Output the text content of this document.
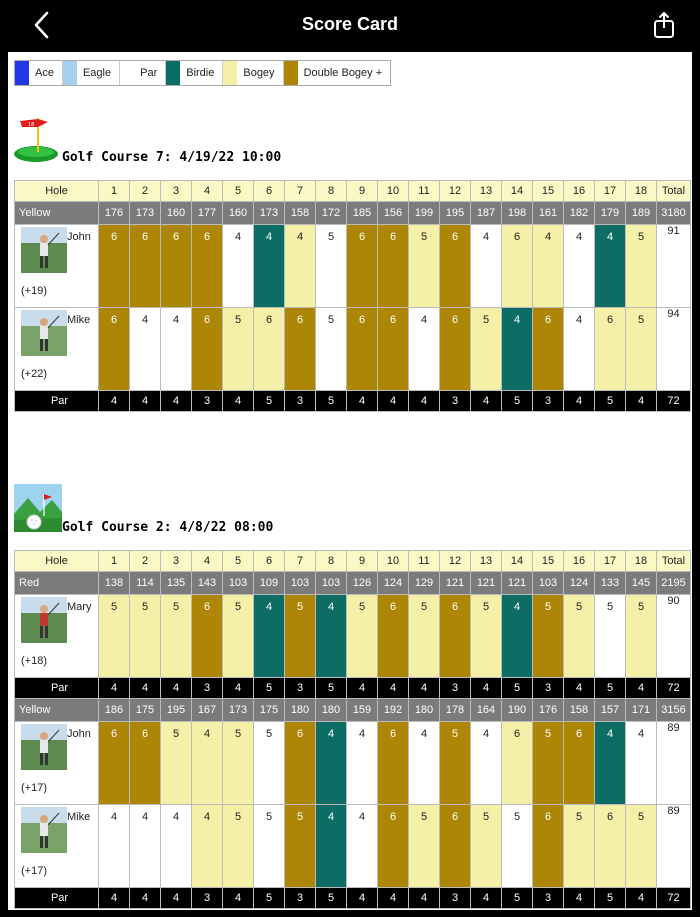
Score Card
Ace	Eagle	Par	Birdie	Bogey	Double Bogey +
18
Golf Course 7: 4/19/22 10:00
Hole	1	2	3	4	5	6	7	8	9	10	11	12	13	14	15	16	17	18	Total
Yellow	176	173	160	177	160	173	158	172	185	156	199	195	187	198	161	182	179	189	3180

John
(+19)	6	6	6	6	4	4	4	5	6	6	5	6	4	6	4	4	4	5	91

Mike
(+22)	6	4	4	6	5	6	6	5	6	6	4	6	5	4	6	4	6	5	94
Par	4	4	4	3	4	5	3	5	4	4	4	3	4	5	3	4	5	4	72
Golf Course 2: 4/8/22 08:00
Hole	1	2	3	4	5	6	7	8	9	10	11	12	13	14	15	16	17	18	Total
Red	138	114	135	143	103	109	103	103	126	124	129	121	121	121	103	124	133	145	2195

Mary
(+18)	5	5	5	6	5	4	5	4	5	6	5	6	5	4	5	5	5	5	90
Par	4	4	4	3	4	5	3	5	4	4	4	3	4	5	3	4	5	4	72
Yellow	186	175	195	167	173	175	180	180	159	192	180	178	164	190	176	158	157	171	3156

John
(+17)	6	6	5	4	5	5	6	4	4	6	4	5	4	6	5	6	4	4	89

Mike
(+17)	4	4	4	4	5	5	5	4	4	6	5	6	5	5	6	5	6	5	89
Par	4	4	4	3	4	5	3	5	4	4	4	3	4	5	3	4	5	4	72
